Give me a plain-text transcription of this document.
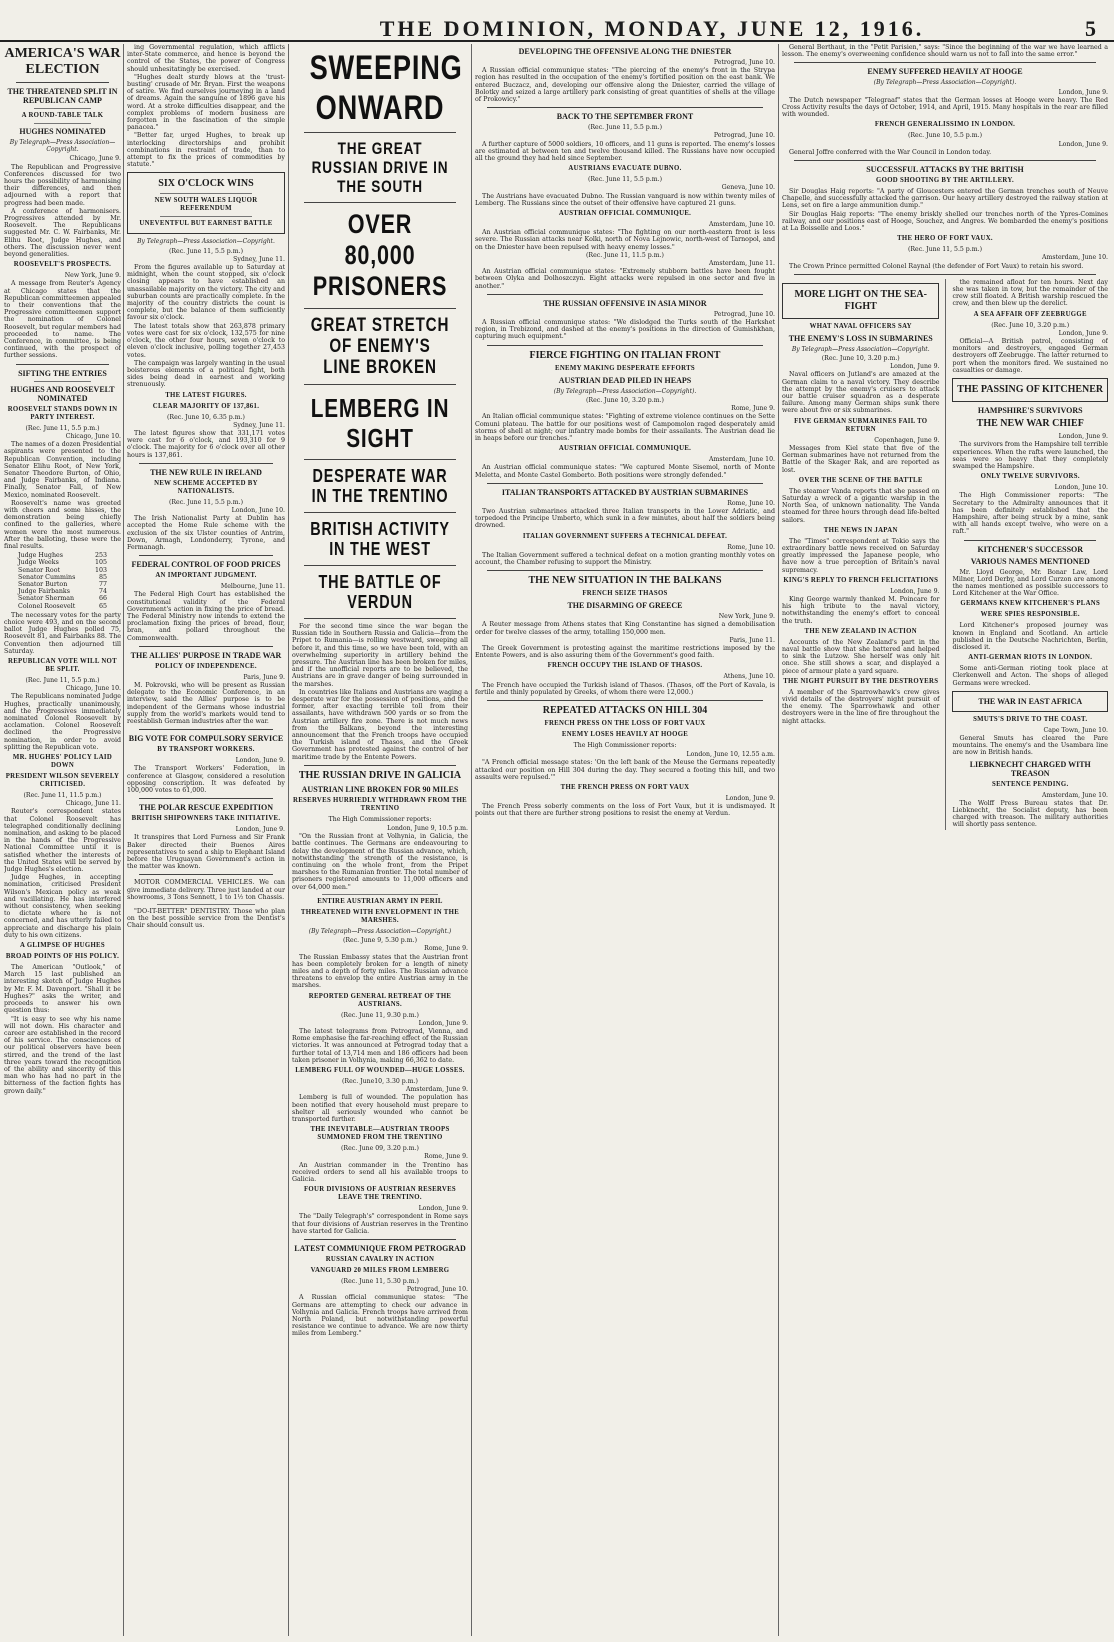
THE DOMINION, MONDAY, JUNE 12, 1916.	5
AMERICA'S WAR ELECTION
THE THREATENED SPLIT IN REPUBLICAN CAMP
A ROUND-TABLE TALK
HUGHES NOMINATED
By Telegraph—Press Association—Copyright.
Chicago, June 9.

The Republican and Progressive Conferences discussed for two hours the possibility of harmonising their differences, and then adjourned with a report that progress had been made.

A conference of harmonisers. Progressives attended by Mr. Roosevelt. The Republicans suggested Mr. C. W. Fairbanks, Mr. Elihu Root, Judge Hughes, and others. The discussion never went beyond generalities.

ROOSEVELT'S PROSPECTS.
New York, June 9.

A message from Reuter's Agency at Chicago states that the Republican committeemen appealed to their conventions that the Progressive committeemen support the nomination of Colonel Roosevelt, but regular members had proceeded to name. The Conference, in committee, is being continued, with the prospect of further sessions.

SIFTING THE ENTRIES
HUGHES AND ROOSEVELT NOMINATED
ROOSEVELT STANDS DOWN IN PARTY INTEREST.
(Rec. June 11, 5.5 p.m.)
Chicago, June 10.

The names of a dozen Presidential aspirants were presented to the Republican Convention, including Senator Elihu Root, of New York, Senator Theodore Burton, of Ohio, and Judge Fairbanks, of Indiana. Finally, Senator Fall, of New Mexico, nominated Roosevelt.

Roosevelt's name was greeted with cheers and some hisses, the demonstration being chiefly confined to the galleries, where women were the most numerous. After the balloting, these were the final results.

Judge Hughes	253
Judge Weeks	105
Senator Root	103
Senator Cummins	85
Senator Burton	77
Judge Fairbanks	74
Senator Sherman	66
Colonel Roosevelt	65

The necessary votes for the party choice were 493, and on the second ballot Judge Hughes polled 75, Roosevelt 81, and Fairbanks 88. The Convention then adjourned till Saturday.

REPUBLICAN VOTE WILL NOT BE SPLIT.
(Rec. June 11, 5.5 p.m.)
Chicago, June 10.

The Republicans nominated Judge Hughes, practically unanimously, and the Progressives immediately nominated Colonel Roosevelt by acclamation. Colonel Roosevelt declined the Progressive nomination, in order to avoid splitting the Republican vote.

MR. HUGHES' POLICY LAID DOWN
PRESIDENT WILSON SEVERELY CRITICISED.
(Rec. June 11, 11.5 p.m.)
Chicago, June 11.

Reuter's correspondent states that Colonel Roosevelt has telegraphed conditionally declining nomination, and asking to be placed in the hands of the Progressive National Committee until it is satisfied whether the interests of the United States will be served by Judge Hughes's election.

Judge Hughes, in accepting nomination, criticised President Wilson's Mexican policy as weak and vacillating. He has interfered without consistency, when seeking to dictate where he is not concerned, and has utterly failed to appreciate and discharge his plain duty to his own citizens.

A GLIMPSE OF HUGHES
BROAD POINTS OF HIS POLICY.

The American "Outlook," of March 15 last published an interesting sketch of Judge Hughes by Mr. F. M. Davenport. "Shall it be Hughes?" asks the writer, and proceeds to answer his own question thus:

"It is easy to see why his name will not down. His character and career are established in the record of his service. The consciences of our political observers have been stirred, and the trend of the last three years toward the recognition of the ability and sincerity of this man who has had no part in the bitterness of the faction fights has grown daily."

ing Governmental regulation, which afflicts inter-State commerce, and hence is beyond the control of the States, the power of Congress should unhesitatingly be exercised.

"Hughes dealt sturdy blows at the 'trust-busting' crusade of Mr. Bryan. First the weapons of satire. We find ourselves journeying in a land of dreams. Again the sanguine of 1896 gave his word. At a stroke difficulties disappear, and the complex problems of modern business are forgotten in the fascination of the simple panacea."

"Better far, urged Hughes, to break up interlocking directorships and prohibit combinations in restraint of trade, than to attempt to fix the prices of commodities by statute."

SIX O'CLOCK WINS
NEW SOUTH WALES LIQUOR REFERENDUM
UNEVENTFUL BUT EARNEST BATTLE
By Telegraph—Press Association—Copyright.
(Rec. June 11, 5.5 p.m.)
Sydney, June 11.

From the figures available up to Saturday at midnight, when the count stopped, six o'clock closing appears to have established an unassailable majority on the victory. The city and suburban counts are practically complete. In the majority of the country districts the count is complete, but the balance of them sufficiently favour six o'clock.

The latest totals show that 263,878 primary votes were cast for six o'clock, 132,575 for nine o'clock, the other four hours, seven o'clock to eleven o'clock inclusive, polling together 27,453 votes.

The campaign was largely wanting in the usual boisterous elements of a political fight, both sides being dead in earnest and working strenuously.

THE LATEST FIGURES.
CLEAR MAJORITY OF 137,861.
(Rec. June 10, 6.35 p.m.)
Sydney, June 11.

The latest figures show that 331,171 votes were cast for 6 o'clock, and 193,310 for 9 o'clock. The majority for 6 o'clock over all other hours is 137,861.

THE NEW RULE IN IRELAND
NEW SCHEME ACCEPTED BY NATIONALISTS.
(Rec. June 11, 5.5 p.m.)
London, June 10.

The Irish Nationalist Party at Dublin has accepted the Home Rule scheme with the exclusion of the six Ulster counties of Antrim, Down, Armagh, Londonderry, Tyrone, and Fermanagh.

FEDERAL CONTROL OF FOOD PRICES
AN IMPORTANT JUDGMENT.
Melbourne, June 11.

The Federal High Court has established the constitutional validity of the Federal Government's action in fixing the price of bread. The Federal Ministry now intends to extend the proclamation fixing the prices of bread, flour, bran, and pollard throughout the Commonwealth.

THE ALLIES' PURPOSE IN TRADE WAR
POLICY OF INDEPENDENCE.
Paris, June 9.

M. Pokrovski, who will be present as Russian delegate to the Economic Conference, in an interview, said the Allies' purpose is to be independent of the Germans whose industrial supply from the world's markets would tend to reestablish German industries after the war.

BIG VOTE FOR COMPULSORY SERVICE
BY TRANSPORT WORKERS.
London, June 9.

The Transport Workers' Federation, in conference at Glasgow, considered a resolution opposing conscription. It was defeated by 100,000 votes to 61,000.

THE POLAR RESCUE EXPEDITION
BRITISH SHIPOWNERS TAKE INITIATIVE.
London, June 9.

It transpires that Lord Furness and Sir Frank Baker directed their Buenos Aires representatives to send a ship to Elephant Island before the Uruguayan Government's action in the matter was known.

MOTOR COMMERCIAL VEHICLES. We can give immediate delivery. Three just landed at our showrooms, 3 Tons Sennett, 1 to 1½ ton Chassis.

"DO-IT-BETTER" DENTISTRY. Those who plan on the best possible service from the Dentist's Chair should consult us.

SWEEPING ONWARD
THE GREAT RUSSIAN DRIVE IN THE SOUTH
OVER 80,000 PRISONERS
GREAT STRETCH OF ENEMY'S LINE BROKEN
LEMBERG IN SIGHT
DESPERATE WAR IN THE TRENTINO
BRITISH ACTIVITY IN THE WEST
THE BATTLE OF VERDUN

For the second time since the war began the Russian tide in Southern Russia and Galicia—from the Pripet to Rumania—is rolling westward, sweeping all before it, and this time, so we have been told, with an overwhelming superiority in artillery behind the pressure. The Austrian line has been broken for miles, and if the unofficial reports are to be believed, the Austrians are in grave danger of being surrounded in the marshes.

In countries like Italians and Austrians are waging a desperate war for the possession of positions, and the former, after exacting terrible toll from their assailants, have withdrawn 500 yards or so from the Austrian artillery fire zone. There is not much news from the Balkans, beyond the interesting announcement that the French troops have occupied the Turkish island of Thasos, and the Greek Government has protested against the control of her maritime trade by the Entente Powers.

THE RUSSIAN DRIVE IN GALICIA
AUSTRIAN LINE BROKEN FOR 90 MILES
RESERVES HURRIEDLY WITHDRAWN FROM THE TRENTINO
The High Commissioner reports:
London, June 9, 10.5 p.m.

"On the Russian front at Volhynia, in Galicia, the battle continues. The Germans are endeavouring to delay the development of the Russian advance, which, notwithstanding the strength of the resistance, is continuing on the whole front, from the Pripet marshes to the Rumanian frontier. The total number of prisoners registered amounts to 11,000 officers and over 64,000 men."

ENTIRE AUSTRIAN ARMY IN PERIL
THREATENED WITH ENVELOPMENT IN THE MARSHES.
(By Telegraph—Press Association—Copyright.)
(Rec. June 9, 5.30 p.m.)
Rome, June 9.

The Russian Embassy states that the Austrian front has been completely broken for a length of ninety miles and a depth of forty miles. The Russian advance threatens to envelop the entire Austrian army in the marshes.

REPORTED GENERAL RETREAT OF THE AUSTRIANS.
(Rec. June 11, 9.30 p.m.)
London, June 9.

The latest telegrams from Petrograd, Vienna, and Rome emphasise the far-reaching effect of the Russian victories. It was announced at Petrograd today that a further total of 13,714 men and 186 officers had been taken prisoner in Volhynia, making 66,362 to date.

LEMBERG FULL OF WOUNDED—HUGE LOSSES.
(Rec. June10, 3.30 p.m.)
Amsterdam, June 9.

Lemberg is full of wounded. The population has been notified that every household must prepare to shelter all seriously wounded who cannot be transported further.

THE INEVITABLE—AUSTRIAN TROOPS SUMMONED FROM THE TRENTINO
(Rec. June 09, 3.20 p.m.)
Rome, June 9.

An Austrian commander in the Trentino has received orders to send all his available troops to Galicia.

FOUR DIVISIONS OF AUSTRIAN RESERVES LEAVE THE TRENTINO.
London, June 9.

The "Daily Telegraph's" correspondent in Rome says that four divisions of Austrian reserves in the Trentino have started for Galicia.

LATEST COMMUNIQUE FROM PETROGRAD
RUSSIAN CAVALRY IN ACTION
VANGUARD 20 MILES FROM LEMBERG
(Rec. June 11, 5.30 p.m.)
Petrograd, June 10.

A Russian official communique states: "The Germans are attempting to check our advance in Volhynia and Galicia. French troops have arrived from North Poland, but notwithstanding powerful resistance we continue to advance. We are now thirty miles from Lemberg."

DEVELOPING THE OFFENSIVE ALONG THE DNIESTER
Petrograd, June 10.

A Russian official communique states: "The piercing of the enemy's front in the Strypa region has resulted in the occupation of the enemy's fortified position on the east bank. We entered Buczacz, and, developing our offensive along the Dniester, carried the village of Bolotky and seized a large artillery park consisting of great quantities of shells at the village of Prokowicy."

BACK TO THE SEPTEMBER FRONT
(Rec. June 11, 5.5 p.m.)
Petrograd, June 10.

A further capture of 5000 soldiers, 10 officers, and 11 guns is reported. The enemy's losses are estimated at between ten and twelve thousand killed. The Russians have now occupied all the ground they had held since September.

AUSTRIANS EVACUATE DUBNO.
(Rec. June 11, 5.5 p.m.)
Geneva, June 10.

The Austrians have evacuated Dubno. The Russian vanguard is now within twenty miles of Lemberg. The Russians since the outset of their offensive have captured 21 guns.

AUSTRIAN OFFICIAL COMMUNIQUE.
Amsterdam, June 10.

An Austrian official communique states: "The fighting on our north-eastern front is less severe. The Russian attacks near Kolki, north of Nova Lejnowic, north-west of Tarnopol, and on the Dniester have been repulsed with heavy enemy losses."

(Rec. June 11, 11.5 p.m.)
Amsterdam, June 11.

An Austrian official communique states: "Extremely stubborn battles have been fought between Olyka and Dolhoszczyn. Eight attacks were repulsed in one sector and five in another."

THE RUSSIAN OFFENSIVE IN ASIA MINOR
Petrograd, June 10.

A Russian official communique states: "We dislodged the Turks south of the Harkshet region, in Trebizond, and dashed at the enemy's positions in the direction of Gumishkhan, capturing much equipment."

FIERCE FIGHTING ON ITALIAN FRONT
ENEMY MAKING DESPERATE EFFORTS
AUSTRIAN DEAD PILED IN HEAPS
(By Telegraph—Press Association—Copyright).
(Rec. June 10, 3.20 p.m.)
Rome, June 9.

An Italian official communique states: "Fighting of extreme violence continues on the Sette Comuni plateau. The battle for our positions west of Campomolon raged desperately amid storms of shell at night; our infantry made bombs for their assailants. The Austrian dead lie in heaps before our trenches."

AUSTRIAN OFFICIAL COMMUNIQUE.
Amsterdam, June 10.

An Austrian official communique states: "We captured Monte Sisemol, north of Monte Meletta, and Monte Castel Gomberto. Both positions were strongly defended."

ITALIAN TRANSPORTS ATTACKED BY AUSTRIAN SUBMARINES
Rome, June 10.

Two Austrian submarines attacked three Italian transports in the Lower Adriatic, and torpedoed the Principe Umberto, which sunk in a few minutes, about half the soldiers being drowned.

ITALIAN GOVERNMENT SUFFERS A TECHNICAL DEFEAT.
Rome, June 10.

The Italian Government suffered a technical defeat on a motion granting monthly votes on account, the Chamber refusing to support the Ministry.

THE NEW SITUATION IN THE BALKANS
FRENCH SEIZE THASOS
THE DISARMING OF GREECE
New York, June 9.

A Reuter message from Athens states that King Constantine has signed a demobilisation order for twelve classes of the army, totalling 150,000 men.

Paris, June 11.

The Greek Government is protesting against the maritime restrictions imposed by the Entente Powers, and is also assuring them of the Government's good faith.

FRENCH OCCUPY THE ISLAND OF THASOS.
Athens, June 10.

The French have occupied the Turkish island of Thasos. (Thasos, off the Port of Kavala, is fertile and thinly populated by Greeks, of whom there were 12,000.)

REPEATED ATTACKS ON HILL 304
FRENCH PRESS ON THE LOSS OF FORT VAUX
ENEMY LOSES HEAVILY AT HOOGE
The High Commissioner reports:
London, June 10, 12.55 a.m.

"A French official message states: 'On the left bank of the Meuse the Germans repeatedly attacked our position on Hill 304 during the day. They secured a footing this hill, and two assaults were repulsed.'"

THE FRENCH PRESS ON FORT VAUX
London, June 9.

The French Press soberly comments on the loss of Fort Vaux, but it is undismayed. It points out that there are further strong positions to resist the enemy at Verdun.

General Berthaut, in the "Petit Parisien," says: "Since the beginning of the war we have learned a lesson. The enemy's overweening confidence should warn us not to fall into the same error."

ENEMY SUFFERED HEAVILY AT HOOGE
(By Telegraph—Press Association—Copyright).
London, June 9.

The Dutch newspaper "Telegraaf" states that the German losses at Hooge were heavy. The Red Cross Activity results the days of October, 1914, and April, 1915. Many hospitals in the rear are filled with wounded.

FRENCH GENERALISSIMO IN LONDON.
(Rec. June 10, 5.5 p.m.)
London, June 9.

General Joffre conferred with the War Council in London today.

SUCCESSFUL ATTACKS BY THE BRITISH
GOOD SHOOTING BY THE ARTILLERY.

Sir Douglas Haig reports: "A party of Gloucesters entered the German trenches south of Neuve Chapelle, and successfully attacked the garrison. Our heavy artillery destroyed the railway station at Lens, set on fire a large ammunition dump."

Sir Douglas Haig reports: "The enemy briskly shelled our trenches north of the Ypres-Comines railway, and our positions east of Hooge, Souchez, and Angres. We bombarded the enemy's positions at La Boisselle and Loos."

THE HERO OF FORT VAUX.
(Rec. June 11, 5.5 p.m.)
Amsterdam, June 10.

The Crown Prince permitted Colonel Raynal (the defender of Fort Vaux) to retain his sword.

MORE LIGHT ON THE SEA-FIGHT
WHAT NAVAL OFFICERS SAY
THE ENEMY'S LOSS IN SUBMARINES
By Telegraph—Press Association—Copyright.
(Rec. June 10, 3.20 p.m.)
London, June 9.

Naval officers on Jutland's are amazed at the German claim to a naval victory. They describe the attempt by the enemy's cruisers to attack our battle cruiser squadron as a desperate failure. Among many German ships sunk there were about five or six submarines.

FIVE GERMAN SUBMARINES FAIL TO RETURN
Copenhagen, June 9.

Messages from Kiel state that five of the German submarines have not returned from the Battle of the Skager Rak, and are reported as lost.

OVER THE SCENE OF THE BATTLE

The steamer Vanda reports that she passed on Saturday a wreck of a gigantic warship in the North Sea, of unknown nationality. The Vanda steamed for three hours through dead life-belted sailors.

THE NEWS IN JAPAN

The "Times" correspondent at Tokio says the extraordinary battle news received on Saturday greatly impressed the Japanese people, who have now a true perception of Britain's naval supremacy.

KING'S REPLY TO FRENCH FELICITATIONS
London, June 9.

King George warmly thanked M. Poincare for his high tribute to the naval victory, notwithstanding the enemy's effort to conceal the truth.

THE NEW ZEALAND IN ACTION

Accounts of the New Zealand's part in the naval battle show that she battered and helped to sink the Lutzow. She herself was only hit once. She still shows a scar, and displayed a piece of armour plate a yard square.

THE NIGHT PURSUIT BY THE DESTROYERS

A member of the Sparrowhawk's crew gives vivid details of the destroyers' night pursuit of the enemy. The Sparrowhawk and other destroyers were in the line of fire throughout the night attacks.

the remained afloat for ten hours. Next day she was taken in tow, but the remainder of the crew still floated. A British warship rescued the crew, and then blew up the derelict.

A SEA AFFAIR OFF ZEEBRUGGE
(Rec. June 10, 3.20 p.m.)
London, June 9.

Official—A British patrol, consisting of monitors and destroyers, engaged German destroyers off Zeebrugge. The latter returned to port when the monitors fired. We sustained no casualties or damage.

THE PASSING OF KITCHENER
HAMPSHIRE'S SURVIVORS
THE NEW WAR CHIEF
London, June 9.

The survivors from the Hampshire tell terrible experiences. When the rafts were launched, the seas were so heavy that they completely swamped the Hampshire.

ONLY TWELVE SURVIVORS.
London, June 10.

The High Commissioner reports: "The Secretary to the Admiralty announces that it has been definitely established that the Hampshire, after being struck by a mine, sank with all hands except twelve, who were on a raft."

KITCHENER'S SUCCESSOR
VARIOUS NAMES MENTIONED

Mr. Lloyd George, Mr. Bonar Law, Lord Milner, Lord Derby, and Lord Curzon are among the names mentioned as possible successors to Lord Kitchener at the War Office.

GERMANS KNEW KITCHENER'S PLANS
WERE SPIES RESPONSIBLE.

Lord Kitchener's proposed journey was known in England and Scotland. An article published in the Deutsche Nachrichten, Berlin, disclosed it.

ANTI-GERMAN RIOTS IN LONDON.

Some anti-German rioting took place at Clerkenwell and Acton. The shops of alleged Germans were wrecked.

THE WAR IN EAST AFRICA
SMUTS'S DRIVE TO THE COAST.
Cape Town, June 10.

General Smuts has cleared the Pare mountains. The enemy's and the Usambara line are now in British hands.

LIEBKNECHT CHARGED WITH TREASON
SENTENCE PENDING.
Amsterdam, June 10.

The Wolff Press Bureau states that Dr. Liebknecht, the Socialist deputy, has been charged with treason. The military authorities will shortly pass sentence.
